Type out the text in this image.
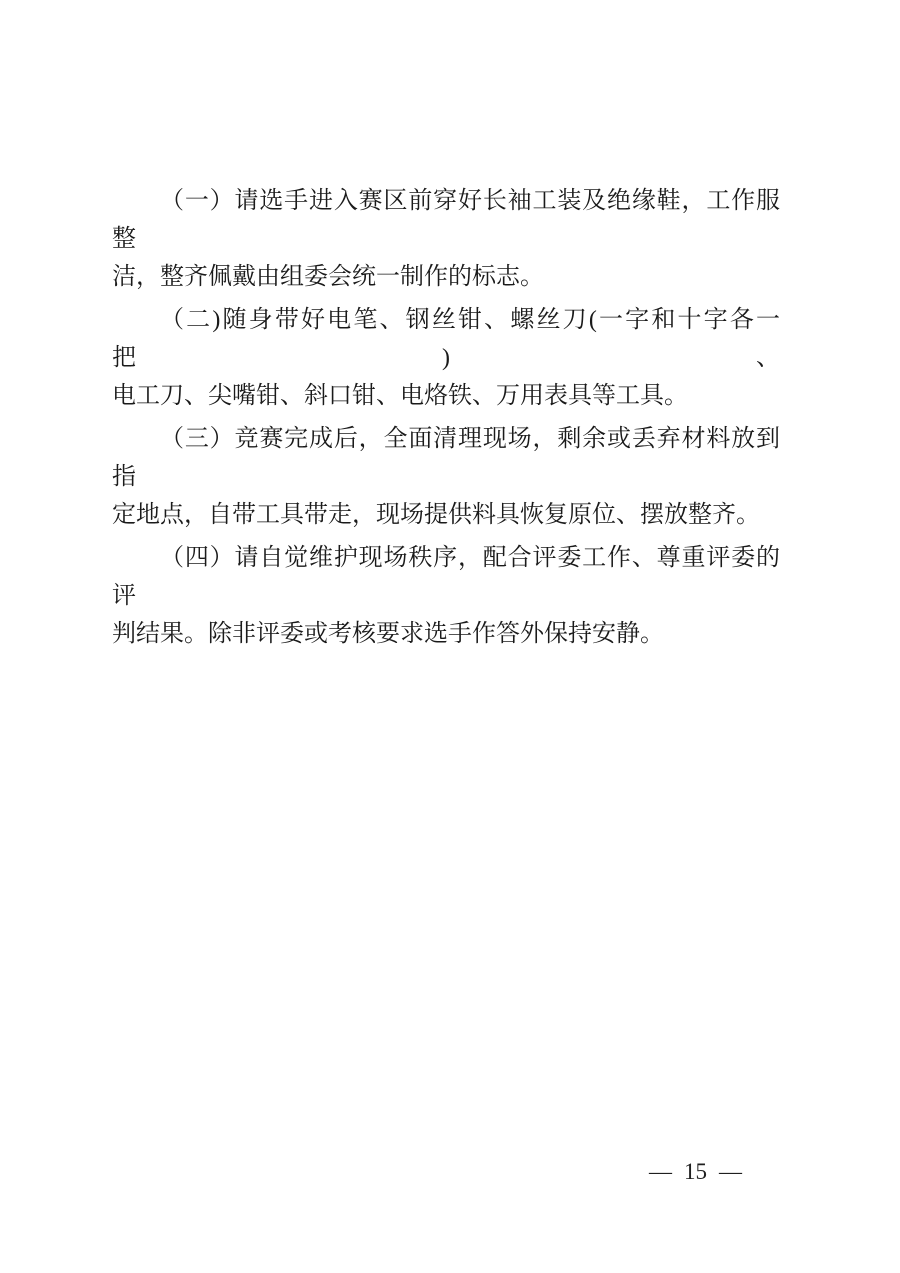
（一）请选手进入赛区前穿好长袖工装及绝缘鞋，工作服整
洁，整齐佩戴由组委会统一制作的标志。
（二)随身带好电笔、钢丝钳、螺丝刀(一字和十字各一把)、
电工刀、尖嘴钳、斜口钳、电烙铁、万用表具等工具。
（三）竞赛完成后，全面清理现场，剩余或丢弃材料放到指
定地点，自带工具带走，现场提供料具恢复原位、摆放整齐。
（四）请自觉维护现场秩序，配合评委工作、尊重评委的评
判结果。除非评委或考核要求选手作答外保持安静。
— 15 —
